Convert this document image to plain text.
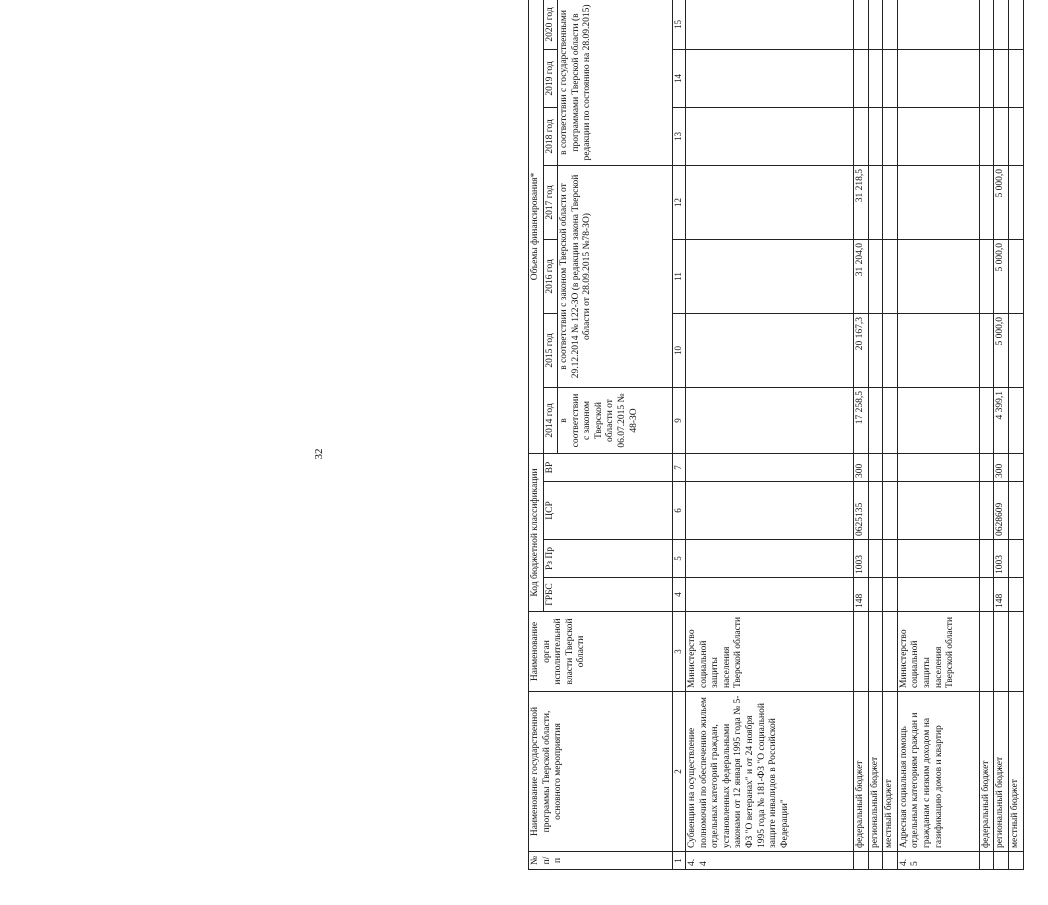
32
№ п/п	Наименование государственной программы Тверской области, основного мероприятия	Наименование орган исполнительной власти Тверской области	Код бюджетной классификации				Объемы финансирования*						
			ГРБС	Рз Пр	ЦСР	ВР	2014 год	2015 год	2016 год	2017 год	2018 год	2019 год	2020 год
							в соответствии с законом Тверской области от 06.07.2015 № 48-ЗО	в соответствии с законом Тверской области от 29.12.2014 № 122-ЗО (в редакции закона Тверской области от 28.09.2015 №78-ЗО)			в соответствии с государственными программами Тверской области (в редакции по состоянию на 28.09.2015)		
1	2	3	4	5	6	7	9	10	11	12	13	14	15
4.4	Субвенции на осуществление полномочий по обеспечению жильем отдельных категорий граждан, установленных федеральными законами от 12 января 1995 года № 5-ФЗ "О ветеранах" и от 24 ноября 1995 года № 181-ФЗ "О социальной защите инвалидов в Российской Федерации"	Министерство социальной защиты населения Тверской области											
	федеральный бюджет		148	1003	0625135	300	17 258,5	20 167,3	31 204,0	31 218,5			
	региональный бюджет												
	местный бюджет												
4.5	Адресная социальная помощь отдельным категориям граждан и гражданам с низким доходом на газификацию домов и квартир	Министерство социальной защиты населения Тверской области											
	федеральный бюджет												
	региональный бюджет		148	1003	0628609	300	4 399,1	5 000,0	5 000,0	5 000,0			
	местный бюджет												
